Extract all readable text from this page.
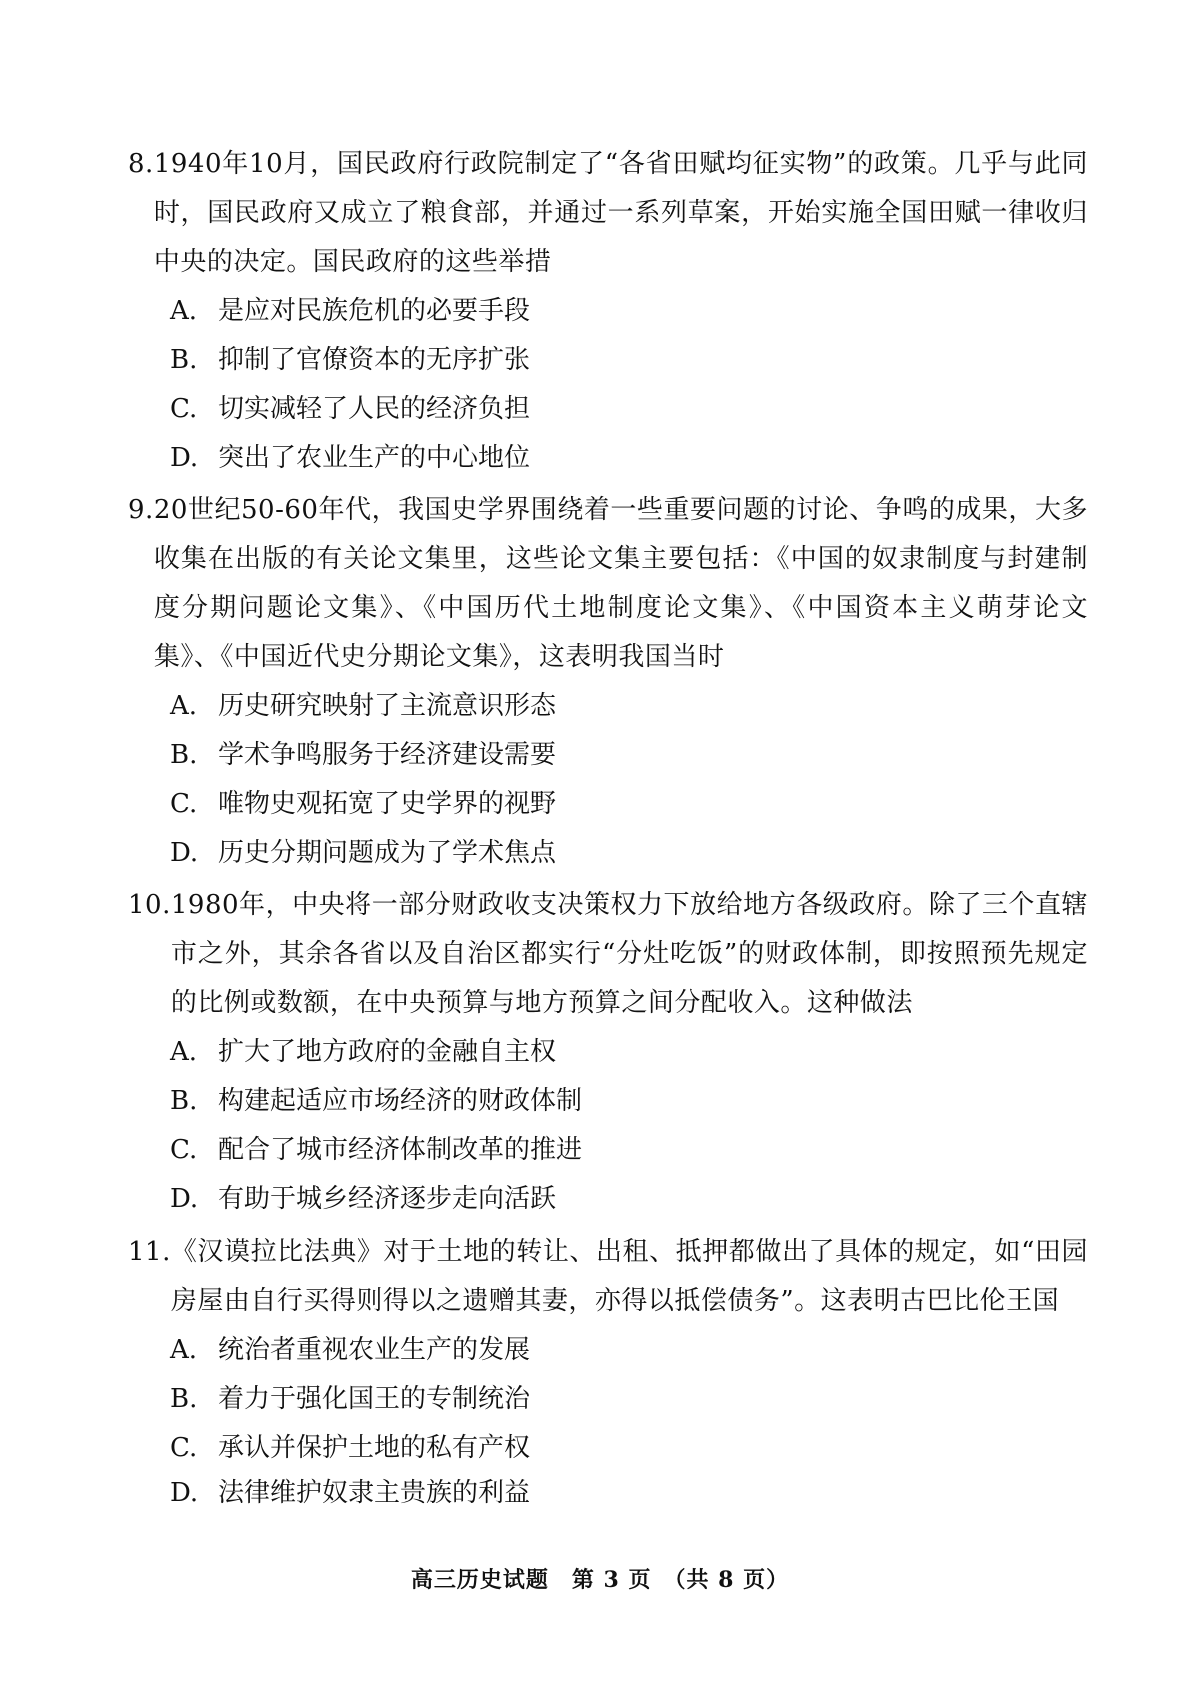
8. 1940年10月，国民政府行政院制定了“各省田赋均征实物”的政策。几乎与此同时，国民政府又成立了粮食部，并通过一系列草案，开始实施全国田赋一律收归中央的决定。国民政府的这些举措
A. 是应对民族危机的必要手段
B. 抑制了官僚资本的无序扩张
C. 切实减轻了人民的经济负担
D. 突出了农业生产的中心地位
9. 20世纪50-60年代，我国史学界围绕着一些重要问题的讨论、争鸣的成果，大多收集在出版的有关论文集里，这些论文集主要包括：《中国的奴隶制度与封建制度分期问题论文集》、《中国历代土地制度论文集》、《中国资本主义萌芽论文集》、《中国近代史分期论文集》，这表明我国当时
A. 历史研究映射了主流意识形态
B. 学术争鸣服务于经济建设需要
C. 唯物史观拓宽了史学界的视野
D. 历史分期问题成为了学术焦点
10. 1980年，中央将一部分财政收支决策权力下放给地方各级政府。除了三个直辖市之外，其余各省以及自治区都实行“分灶吃饭”的财政体制，即按照预先规定的比例或数额，在中央预算与地方预算之间分配收入。这种做法
A. 扩大了地方政府的金融自主权
B. 构建起适应市场经济的财政体制
C. 配合了城市经济体制改革的推进
D. 有助于城乡经济逐步走向活跃
11. 《汉谟拉比法典》对于土地的转让、出租、抵押都做出了具体的规定，如“田园房屋由自行买得则得以之遗赠其妻，亦得以抵偿债务”。这表明古巴比伦王国
A. 统治者重视农业生产的发展
B. 着力于强化国王的专制统治
C. 承认并保护土地的私有产权
D. 法律维护奴隶主贵族的利益
高三历史试题　第 3 页　（共 8 页）
